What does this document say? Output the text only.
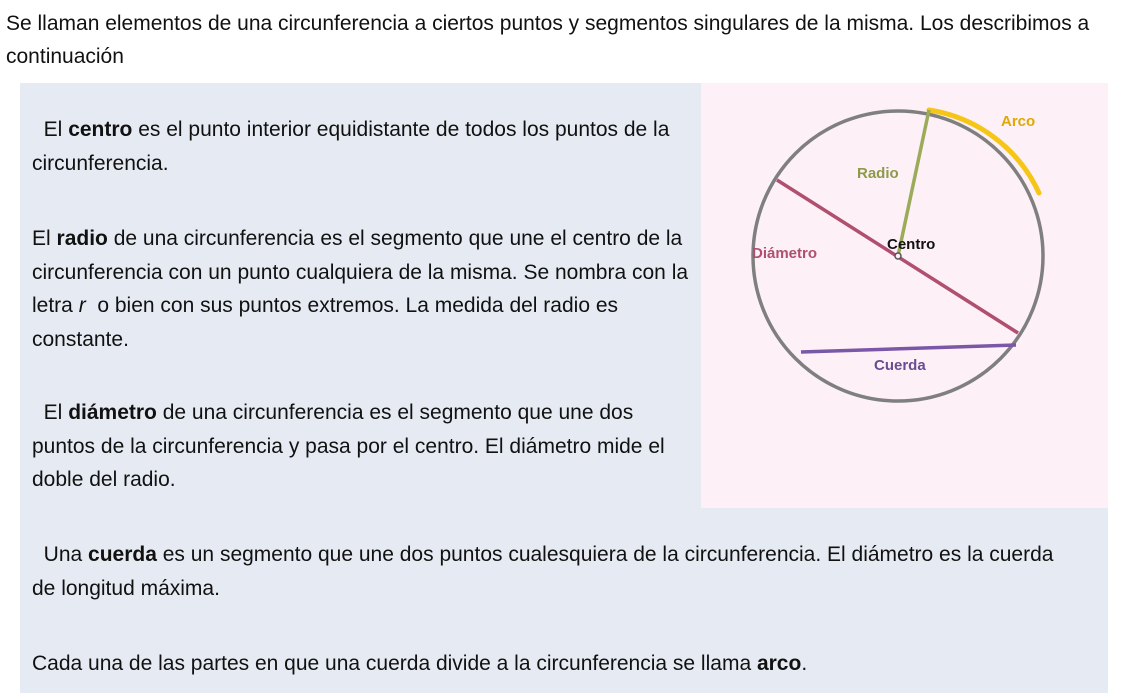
Se llaman elementos de una circunferencia a ciertos puntos y segmentos singulares de la misma. Los describimos a continuación

El centro es el punto interior equidistante de todos los puntos de la circunferencia.

El radio de una circunferencia es el segmento que une el centro de la circunferencia con un punto cualquiera de la misma. Se nombra con la letra r  o bien con sus puntos extremos. La medida del radio es constante.

El diámetro de una circunferencia es el segmento que une dos puntos de la circunferencia y pasa por el centro. El diámetro mide el doble del radio.

Una cuerda es un segmento que une dos puntos cualesquiera de la circunferencia. El diámetro es la cuerda de longitud máxima.

Cada una de las partes en que una cuerda divide a la circunferencia se llama arco.

Arco
Radio
Centro
Diámetro
Cuerda
